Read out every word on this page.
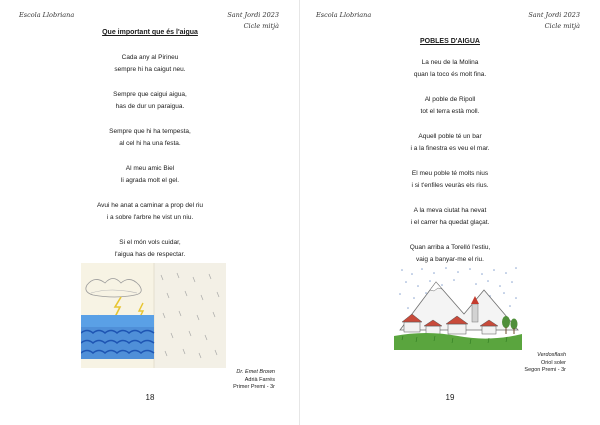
Escola Llobriana	Sant Jordi 2023
Cicle mitjà
Que important que és l'aigua
Cada any al Pirineu
sempre hi ha caigut neu.
Sempre que caigui aigua,
has de dur un paraigua.
Sempre que hi ha tempesta,
al cel hi ha una festa.
Al meu amic Biel
li agrada molt el gel.
Avui he anat a caminar a prop del riu
i a sobre l'arbre he vist un niu.
Si el món vols cuidar,
l'aigua has de respectar.
Dr. Emet Brown
Adrià Farrés
Primer Premi - 3r
18
Escola Llobriana	Sant Jordi 2023
Cicle mitjà
POBLES D'AIGUA
La neu de la Molina
quan la toco és molt fina.
Al poble de Ripoll
tot el terra està moll.
Aquell poble té un bar
i a la finestra es veu el mar.
El meu poble té molts nius
i si t'enfiles veuràs els rius.
A la meva ciutat ha nevat
i el carrer ha quedat glaçat.
Quan arriba a Torelló l'estiu,
vaig a banyar-me el riu.
Verdosflash
Oriol soler
Segon Premi - 3r
19
